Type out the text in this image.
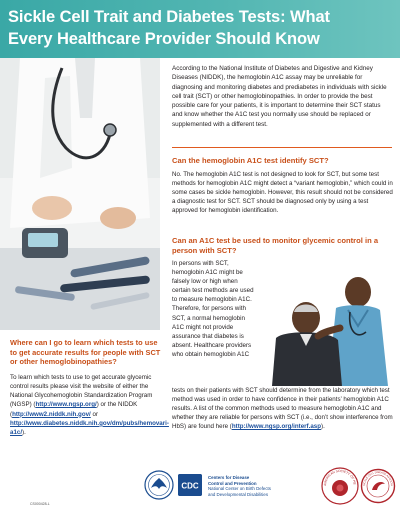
Sickle Cell Trait and Diabetes Tests: What
Every Healthcare Provider Should Know
According to the National Institute of Diabetes and Digestive and Kidney Diseases (NIDDK), the hemoglobin A1C assay may be unreliable for diagnosing and monitoring diabetes and prediabetes in individuals with sickle cell trait (SCT) or other hemoglobinopathies. In order to provide the best possible care for your patients, it is important to determine their SCT status and know whether the A1C test you normally use should be replaced or supplemented with a different test.
Can the hemoglobin A1C test identify SCT?
No. The hemoglobin A1C test is not designed to look for SCT, but some test methods for hemoglobin A1C might detect a “variant hemoglobin,” which could in some cases be sickle hemoglobin. However, this result should not be considered a diagnostic test for SCT. SCT should be diagnosed only by using a test approved for hemoglobin identification.
Can an A1C test be used to monitor glycemic control in a person with SCT?
In persons with SCT, hemoglobin A1C might be falsely low or high when certain test methods are used to measure hemoglobin A1C. Therefore, for persons with SCT, a normal hemoglobin A1C might not provide assurance that diabetes is absent. Healthcare providers who obtain hemoglobin A1C
tests on their patients with SCT should determine from the laboratory which test method was used in order to have confidence in their patients’ hemoglobin A1C results. A list of the common methods used to measure hemoglobin A1C and whether they are reliable for persons with SCT (i.e., don’t show interference from HbS) are found here (http://www.ngsp.org/interf.asp).
Where can I go to learn which tests to use to get accurate results for people with SCT or other hemoglobinopathies?
To learn which tests to use to get accurate glycemic control results please visit the website of either the National Glycohemoglobin Standardization Program (NGSP) (http://www.ngsp.org/) or the NIDDK (http://www2.niddk.nih.gov/ or http://www.diabetes.niddk.nih.gov/dm/pubs/hemovari-a1c/).
CS000428-L
CDC
Centers for Disease
Control and Prevention
National Center on Birth Defects
and Developmental Disabilities
AMERICAN SOCIETY OF HE
SICKLE CELL DISEASE ASSOCIA
